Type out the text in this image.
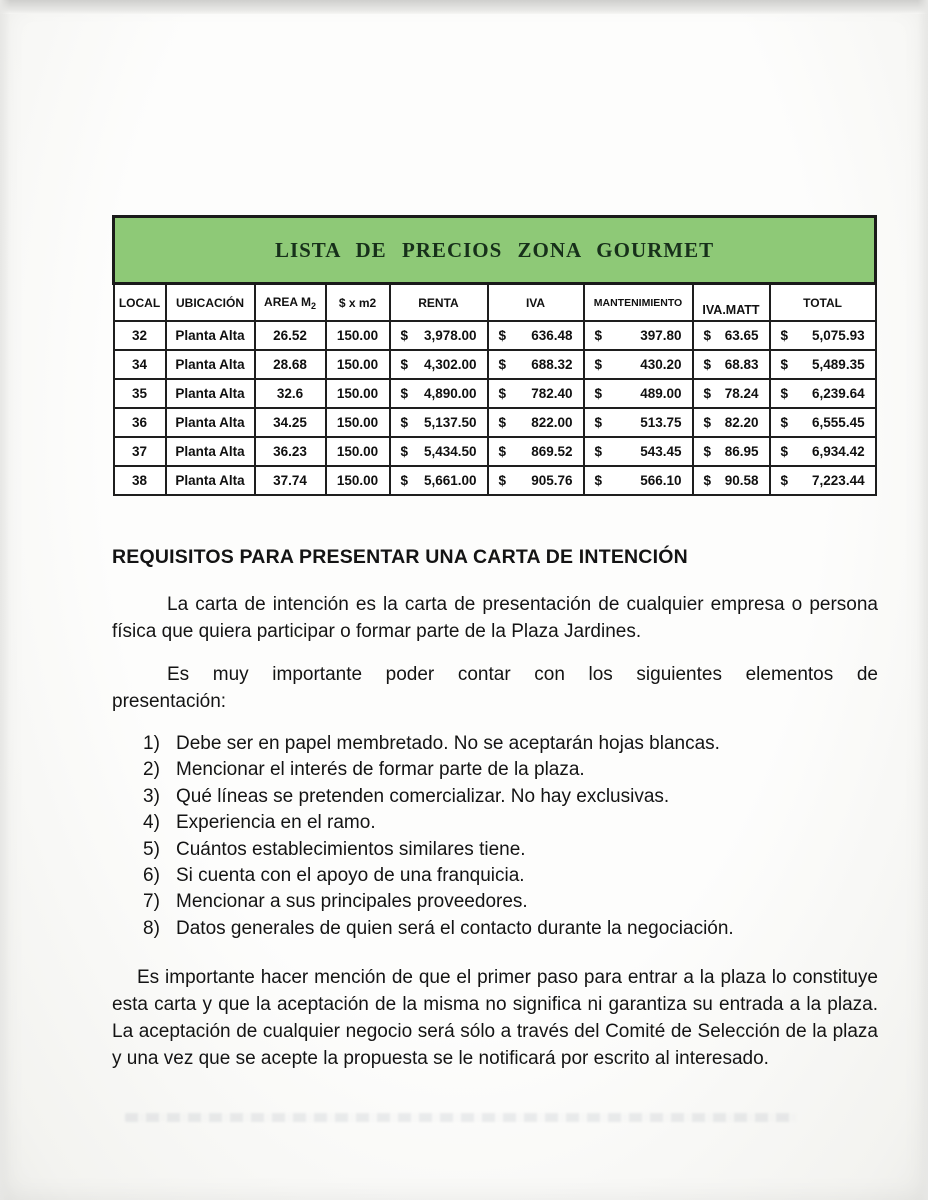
LISTA DE PRECIOS ZONA GOURMET								
LOCAL	UBICACIÓN	AREA $M_2$	$ x m2	RENTA	IVA	MANTENIMIENTO	IVA.MATT	TOTAL
32	Planta Alta	26.52	150.00	$ 3,978.00	$ 636.48	$ 397.80	$ 63.65	$ 5,075.93

34	Planta Alta	28.68	150.00	$ 4,302.00	$ 688.32	$ 430.20	$ 68.83	$ 5,489.35

35	Planta Alta	32.6	150.00	$ 4,890.00	$ 782.40	$ 489.00	$ 78.24	$ 6,239.64

36	Planta Alta	34.25	150.00	$ 5,137.50	$ 822.00	$ 513.75	$ 82.20	$ 6,555.45

37	Planta Alta	36.23	150.00	$ 5,434.50	$ 869.52	$ 543.45	$ 86.95	$ 6,934.42

38	Planta Alta	37.74	150.00	$ 5,661.00	$ 905.76	$ 566.10	$ 90.58	$ 7,223.44
REQUISITOS PARA PRESENTAR UNA CARTA DE INTENCIÓN

La carta de intención es la carta de presentación de cualquier empresa o persona física que quiera participar o formar parte de la Plaza Jardines.

Es muy importante poder contar con los siguientes elementos de presentación:

1) Debe ser en papel membretado. No se aceptarán hojas blancas.
2) Mencionar el interés de formar parte de la plaza.
3) Qué líneas se pretenden comercializar. No hay exclusivas.
4) Experiencia en el ramo.
5) Cuántos establecimientos similares tiene.
6) Si cuenta con el apoyo de una franquicia.
7) Mencionar a sus principales proveedores.
8) Datos generales de quien será el contacto durante la negociación.

Es importante hacer mención de que el primer paso para entrar a la plaza lo constituye esta carta y que la aceptación de la misma no significa ni garantiza su entrada a la plaza. La aceptación de cualquier negocio será sólo a través del Comité de Selección de la plaza y una vez que se acepte la propuesta se le notificará por escrito al interesado.
